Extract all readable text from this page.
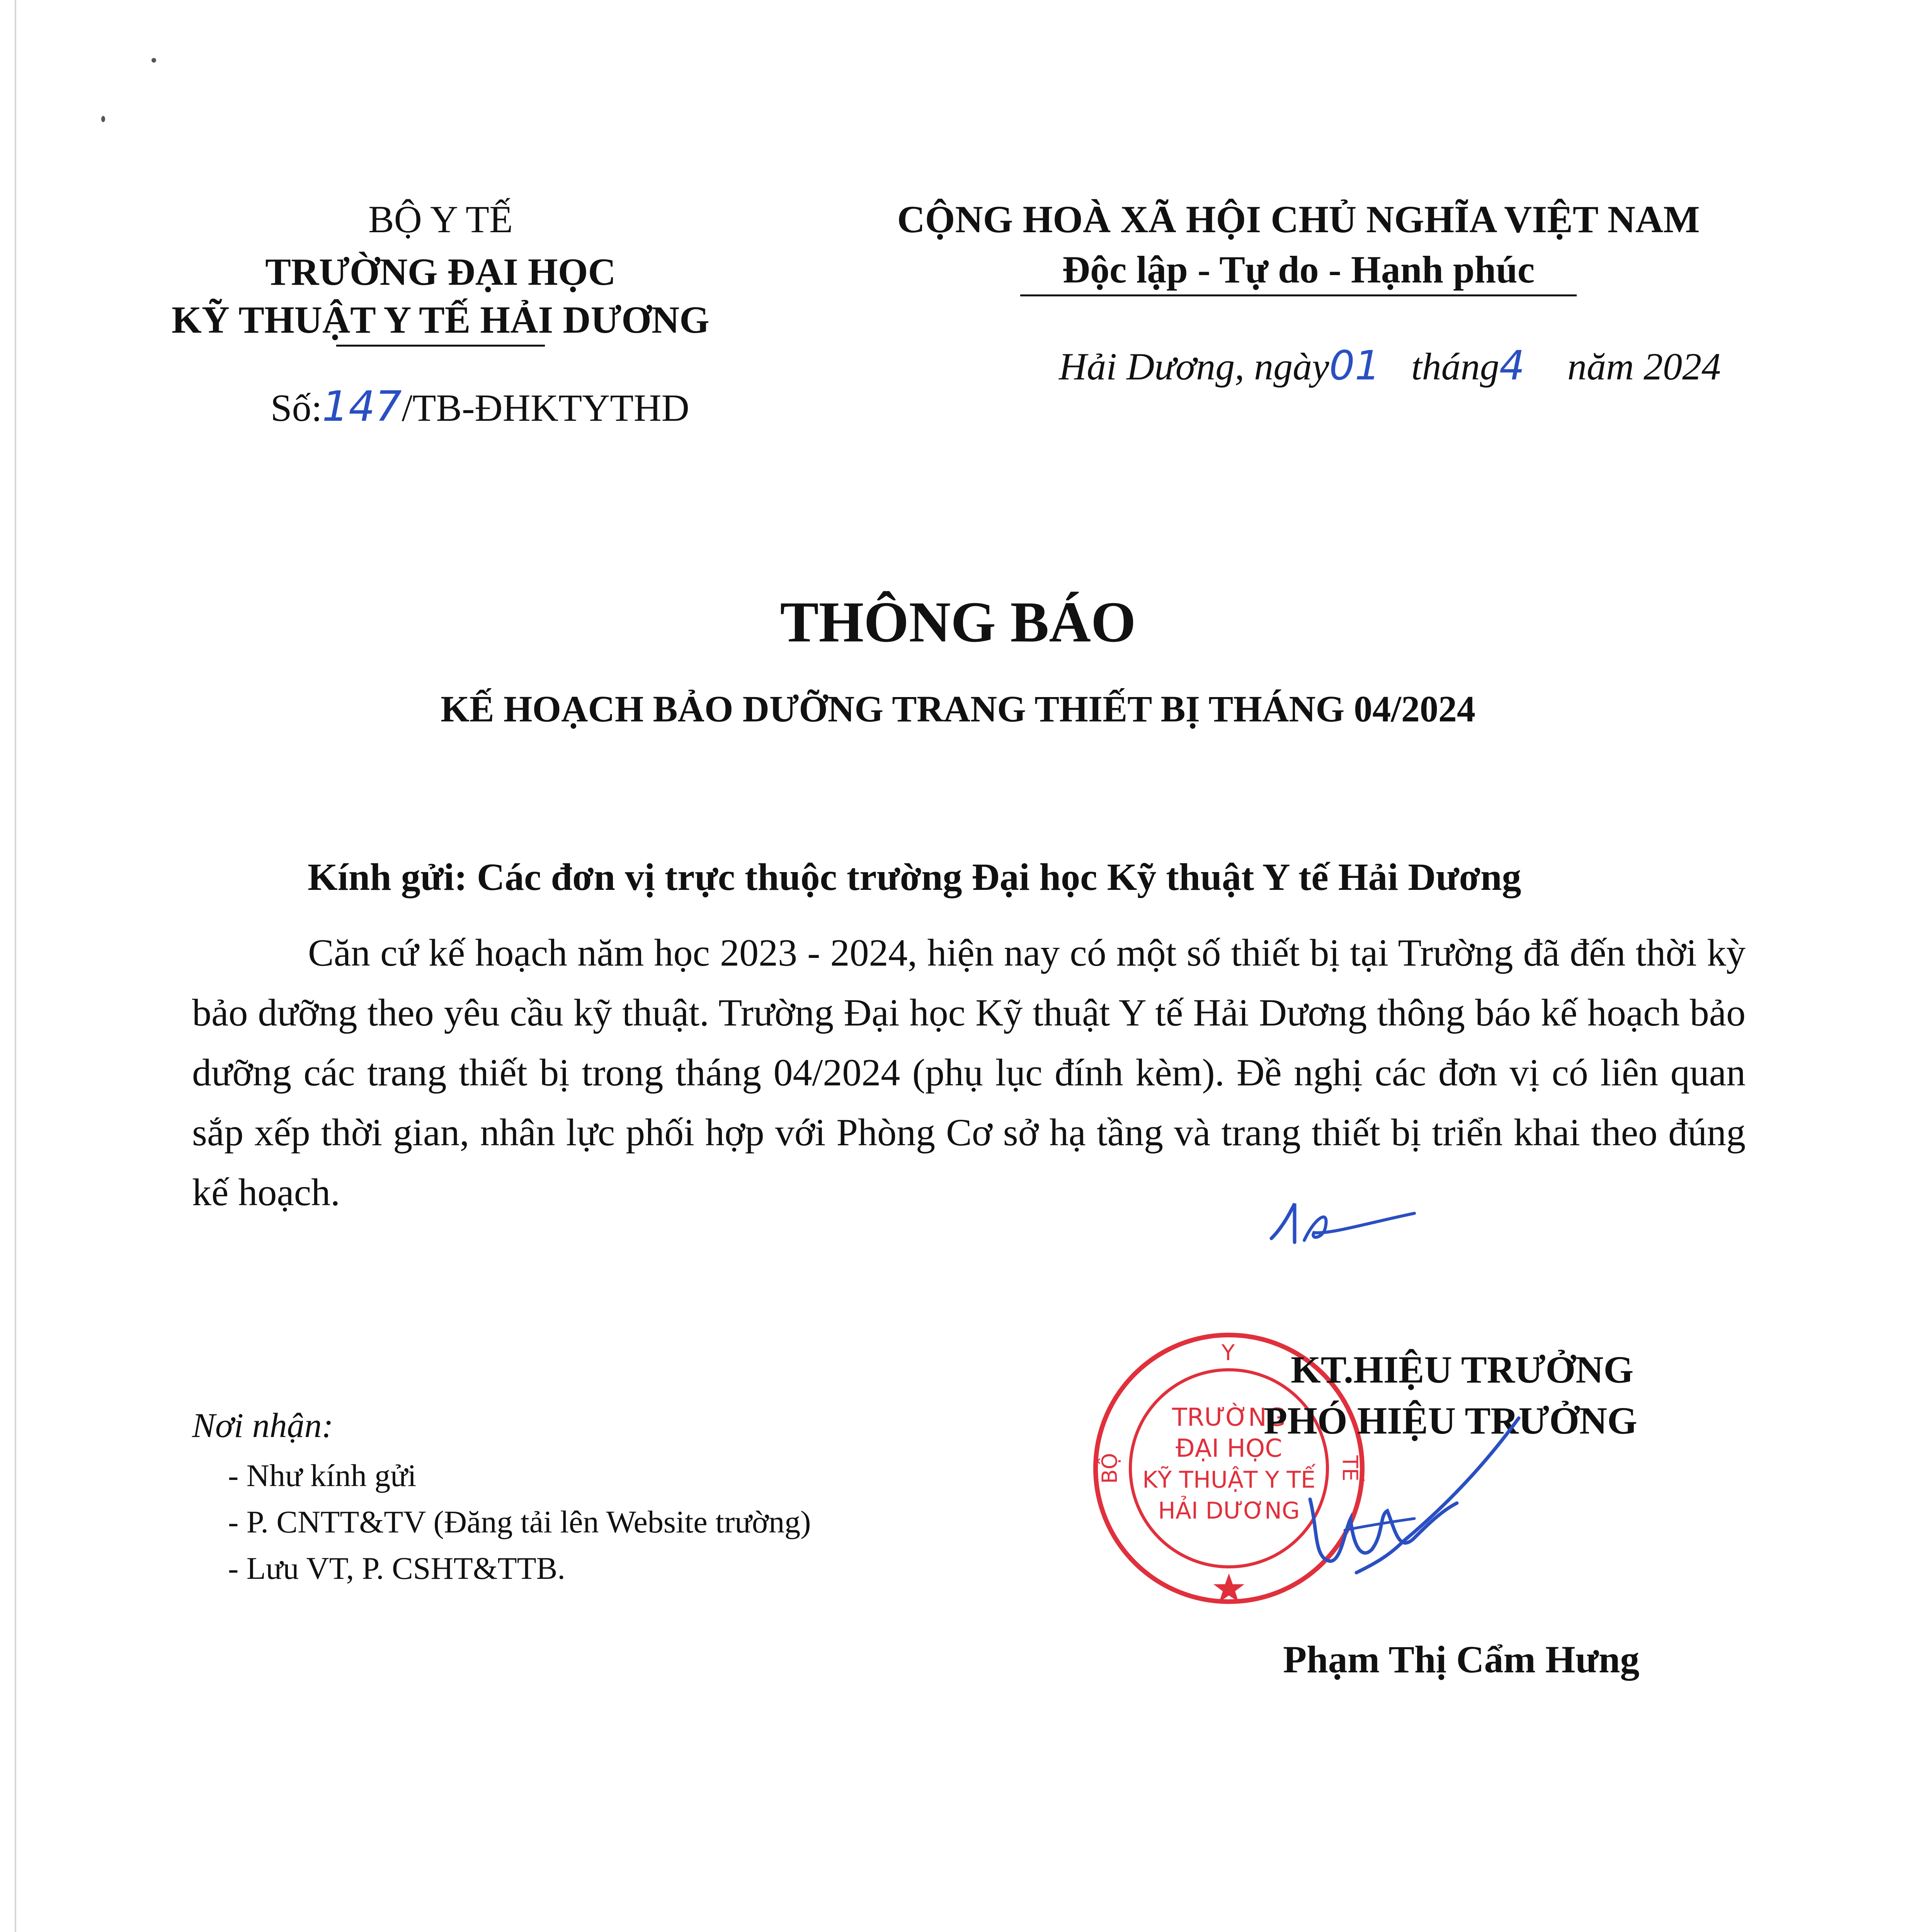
BỘ Y TẾ
TRƯỜNG ĐẠI HỌC
KỸ THUẬT Y TẾ HẢI DƯƠNG
Số:147/TB-ĐHKTYTHD
CỘNG HOÀ XÃ HỘI CHỦ NGHĨA VIỆT NAM
Độc lập - Tự do - Hạnh phúc
Hải Dương, ngày01 tháng4 năm 2024
THÔNG BÁO
KẾ HOẠCH BẢO DƯỠNG TRANG THIẾT BỊ THÁNG 04/2024
Kính gửi: Các đơn vị trực thuộc trường Đại học Kỹ thuật Y tế Hải Dương
Căn cứ kế hoạch năm học 2023 - 2024, hiện nay có một số thiết bị tại Trường đã đến thời kỳ bảo dưỡng theo yêu cầu kỹ thuật. Trường Đại học Kỹ thuật Y tế Hải Dương thông báo kế hoạch bảo dưỡng các trang thiết bị trong tháng 04/2024 (phụ lục đính kèm). Đề nghị các đơn vị có liên quan sắp xếp thời gian, nhân lực phối hợp với Phòng Cơ sở hạ tầng và trang thiết bị triển khai theo đúng kế hoạch.
Nơi nhận:
- Như kính gửi
- P. CNTT&TV (Đăng tải lên Website trường)
- Lưu VT, P. CSHT&TTB.
Y
BỘ	TẾ
TRƯỜNG
ĐẠI HỌC
KỸ THUẬT Y TẾ
HẢI DƯƠNG
KT.HIỆU TRƯỞNG
PHÓ HIỆU TRƯỞNG
Phạm Thị Cẩm Hưng
